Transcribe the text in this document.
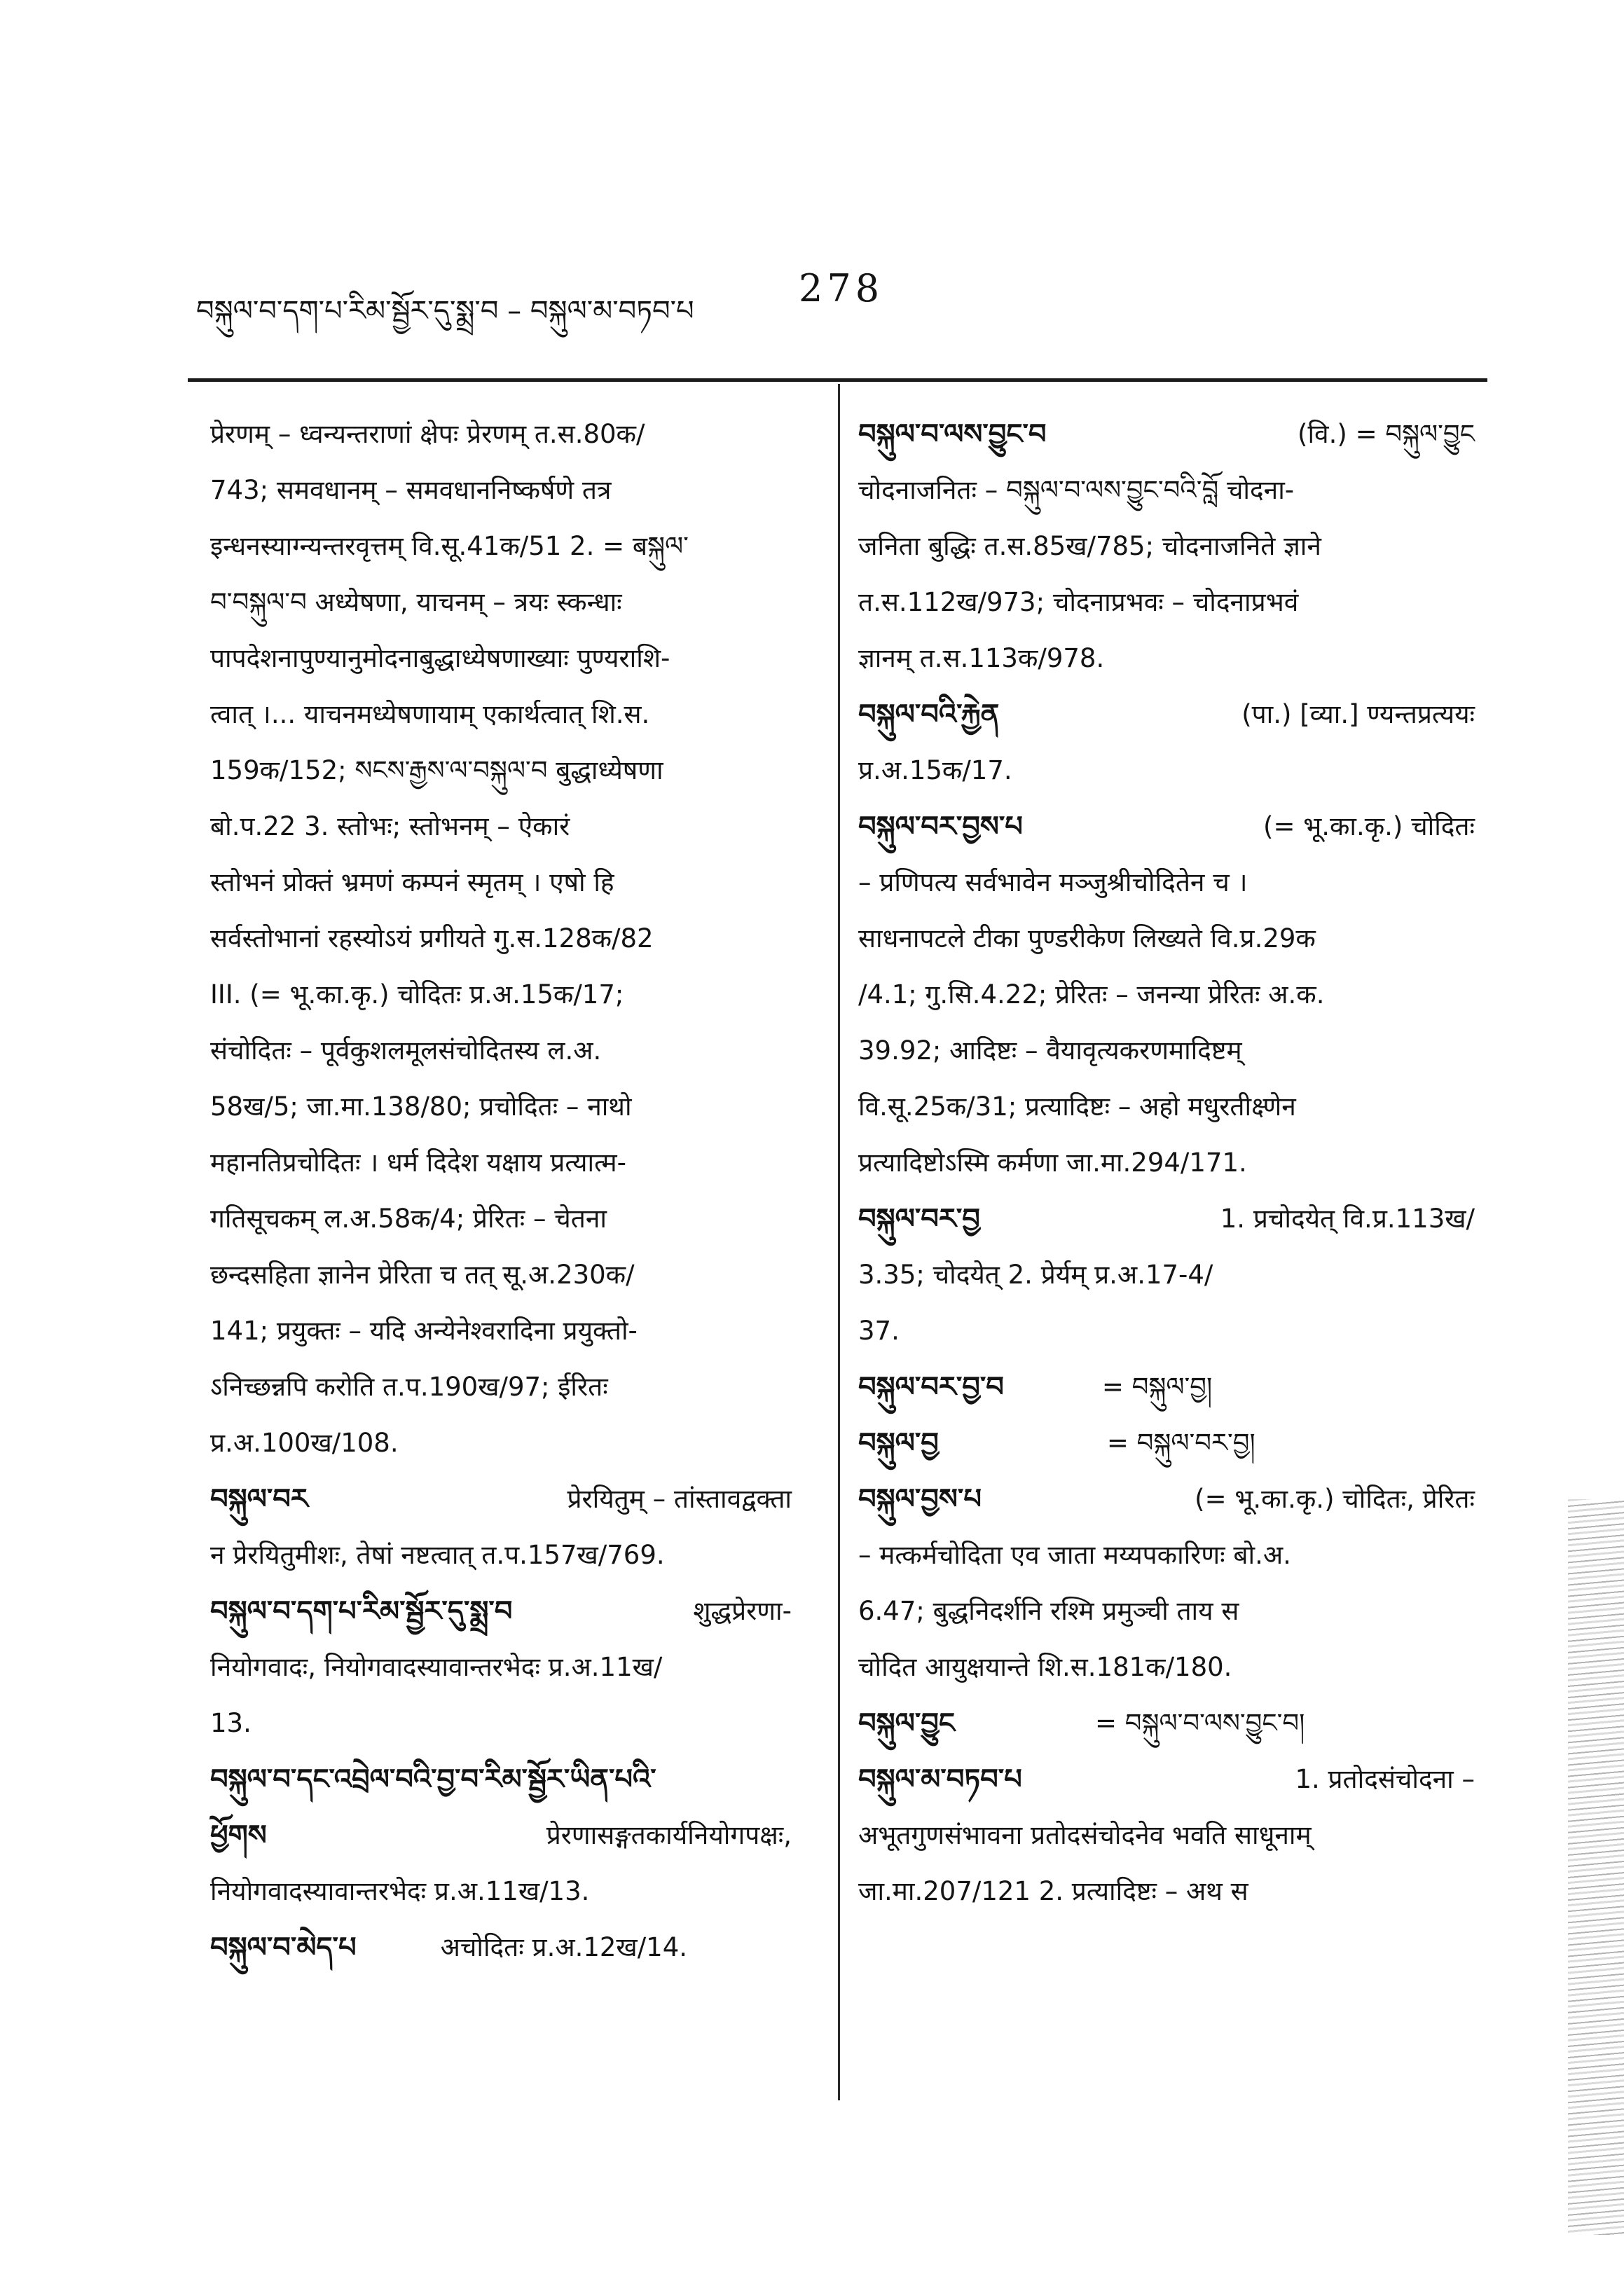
བསྐུལ་བ་དག་པ་རིམ་སྦྱོར་དུ་སྨྲ་བ – བསྐུལ་མ་བཏབ་པ
278
प्रेरणम् – ध्वन्यन्तराणां क्षेपः प्रेरणम् त.स.80क/
743; समवधानम् – समवधाननिष्कर्षणे तत्र
इन्धनस्याग्न्यन्तरवृत्तम् वि.सू.41क/51 2. = बསྐུལ་
བ་བསྐུལ་བ अध्येषणा, याचनम् – त्रयः स्कन्धाः
पापदेशनापुण्यानुमोदनाबुद्धाध्येषणाख्याः पुण्यराशि-
त्वात् ।... याचनमध्येषणायाम् एकार्थत्वात् शि.स.
159क/152; སངས་རྒྱས་ལ་བསྐུལ་བ बुद्धाध्येषणा
बो.प.22 3. स्तोभः; स्तोभनम् – ऐकारं
स्तोभनं प्रोक्तं भ्रमणं कम्पनं स्मृतम् । एषो हि
सर्वस्तोभानां रहस्योऽयं प्रगीयते गु.स.128क/82
III. (= भू.का.कृ.) चोदितः प्र.अ.15क/17;
संचोदितः – पूर्वकुशलमूलसंचोदितस्य ल.अ.
58ख/5; जा.मा.138/80; प्रचोदितः – नाथो
महानतिप्रचोदितः । धर्म दिदेश यक्षाय प्रत्यात्म-
गतिसूचकम् ल.अ.58क/4; प्रेरितः – चेतना
छन्दसहिता ज्ञानेन प्रेरिता च तत् सू.अ.230क/
141; प्रयुक्तः – यदि अन्येनेश्वरादिना प्रयुक्तो-
ऽनिच्छन्नपि करोति त.प.190ख/97; ईरितः
प्र.अ.100ख/108.
བསྐུལ་བར	प्रेरयितुम् – तांस्तावद्वक्ता
न प्रेरयितुमीशः, तेषां नष्टत्वात् त.प.157ख/769.
བསྐུལ་བ་དག་པ་རིམ་སྦྱོར་དུ་སྨྲ་བ	शुद्धप्रेरणा-
नियोगवादः, नियोगवादस्यावान्तरभेदः प्र.अ.11ख/
13.
བསྐུལ་བ་དང་འབྲེལ་བའི་བྱ་བ་རིམ་སྦྱོར་ཡིན་པའི་
ཕྱོགས	प्रेरणासङ्गतकार्यनियोगपक्षः,
नियोगवादस्यावान्तरभेदः प्र.अ.11ख/13.
བསྐུལ་བ་མེད་པ	अचोदितः प्र.अ.12ख/14.
བསྐུལ་བ་ལས་བྱུང་བ	(वि.) = བསྐུལ་བྱུང
चोदनाजनितः – བསྐུལ་བ་ལས་བྱུང་བའི་བློ चोदना-
जनिता बुद्धिः त.स.85ख/785; चोदनाजनिते ज्ञाने
त.स.112ख/973; चोदनाप्रभवः – चोदनाप्रभवं
ज्ञानम् त.स.113क/978.
བསྐུལ་བའི་རྐྱེན	(पा.) [व्या.] ण्यन्तप्रत्ययः
प्र.अ.15क/17.
བསྐུལ་བར་བྱས་པ	(= भू.का.कृ.) चोदितः
– प्रणिपत्य सर्वभावेन मञ्जुश्रीचोदितेन च ।
साधनापटले टीका पुण्डरीकेण लिख्यते वि.प्र.29क
/4.1; गु.सि.4.22; प्रेरितः – जनन्या प्रेरितः अ.क.
39.92; आदिष्टः – वैयावृत्यकरणमादिष्टम्
वि.सू.25क/31; प्रत्यादिष्टः – अहो मधुरतीक्ष्णेन
प्रत्यादिष्टोऽस्मि कर्मणा जा.मा.294/171.
བསྐུལ་བར་བྱ	1. प्रचोदयेत् वि.प्र.113ख/
3.35; चोदयेत् 2. प्रेर्यम् प्र.अ.17-4/
37.
བསྐུལ་བར་བྱ་བ	= བསྐུལ་བྱ།
བསྐུལ་བྱ	= བསྐུལ་བར་བྱ།
བསྐུལ་བྱས་པ	(= भू.का.कृ.) चोदितः, प्रेरितः
– मत्कर्मचोदिता एव जाता मय्यपकारिणः बो.अ.
6.47; बुद्धनिदर्शनि रश्मि प्रमुञ्ची ताय स
चोदित आयुक्षयान्ते शि.स.181क/180.
བསྐུལ་བྱུང	= བསྐུལ་བ་ལས་བྱུང་བ།
བསྐུལ་མ་བཏབ་པ	1. प्रतोदसंचोदना –
अभूतगुणसंभावना प्रतोदसंचोदनेव भवति साधूनाम्
जा.मा.207/121 2. प्रत्यादिष्टः – अथ स
